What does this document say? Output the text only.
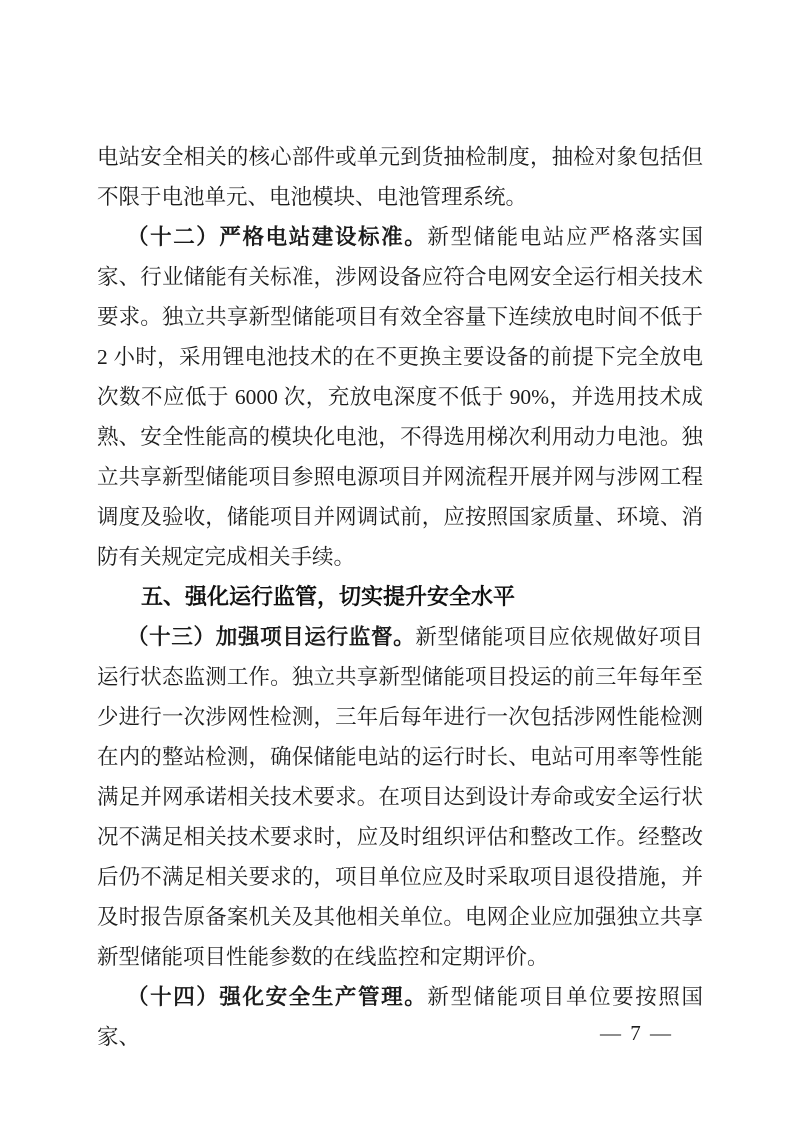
电站安全相关的核心部件或单元到货抽检制度，抽检对象包括但不限于电池单元、电池模块、电池管理系统。

（十二）严格电站建设标准。新型储能电站应严格落实国家、行业储能有关标准，涉网设备应符合电网安全运行相关技术要求。独立共享新型储能项目有效全容量下连续放电时间不低于 2 小时，采用锂电池技术的在不更换主要设备的前提下完全放电次数不应低于 6000 次，充放电深度不低于 90%，并选用技术成熟、安全性能高的模块化电池，不得选用梯次利用动力电池。独立共享新型储能项目参照电源项目并网流程开展并网与涉网工程调度及验收，储能项目并网调试前，应按照国家质量、环境、消防有关规定完成相关手续。

五、强化运行监管，切实提升安全水平

（十三）加强项目运行监督。新型储能项目应依规做好项目运行状态监测工作。独立共享新型储能项目投运的前三年每年至少进行一次涉网性检测，三年后每年进行一次包括涉网性能检测在内的整站检测，确保储能电站的运行时长、电站可用率等性能满足并网承诺相关技术要求。在项目达到设计寿命或安全运行状况不满足相关技术要求时，应及时组织评估和整改工作。经整改后仍不满足相关要求的，项目单位应及时采取项目退役措施，并及时报告原备案机关及其他相关单位。电网企业应加强独立共享新型储能项目性能参数的在线监控和定期评价。

（十四）强化安全生产管理。新型储能项目单位要按照国家、	— 7 —
